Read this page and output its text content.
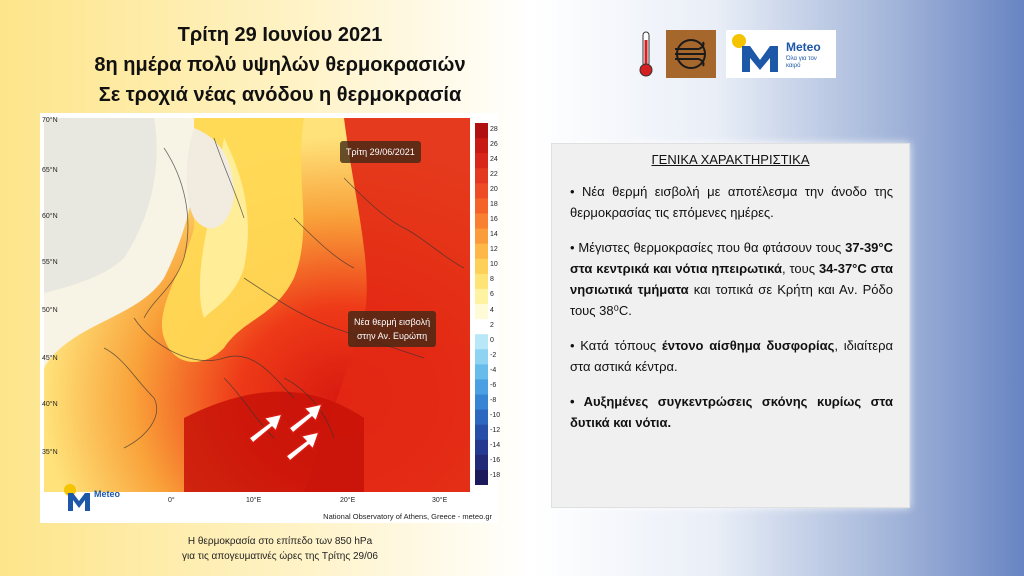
Τρίτη 29 Ιουνίου 2021

8η ημέρα πολύ υψηλών θερμοκρασιών

Σε τροχιά νέας ανόδου η θερμοκρασία

Meteo
Όλα για τον καιρό
Τρίτη 29/06/2021
Νέα θερμή εισβολή
στην Αν. Ευρώπη
70°N
65°N
60°N
55°N
50°N
45°N
40°N
35°N
0°	10°E	20°E	30°E
Meteo
National Observatory of Athens, Greece - meteo.gr
28
26
24
22
20
18
16
14
12
10
8
6
4
2
0
-2
-4
-6
-8
-10
-12
-14
-16
-18
Η θερμοκρασία στο επίπεδο των 850 hPa
για τις απογευματινές ώρες της Τρίτης 29/06
ΓΕΝΙΚΑ ΧΑΡΑΚΤΗΡΙΣΤΙΚΑ
• Νέα θερμή εισβολή με αποτέλεσμα την άνοδο της θερμοκρασίας τις επόμενες ημέρες.
• Μέγιστες θερμοκρασίες που θα φτάσουν τους 37-39°C στα κεντρικά και νότια ηπειρωτικά, τους 34-37°C στα νησιωτικά τμήματα και τοπικά σε Κρήτη και Αν. Ρόδο τους 38⁰C.
• Κατά τόπους έντονο αίσθημα δυσφορίας, ιδιαίτερα στα αστικά κέντρα.
• Αυξημένες συγκεντρώσεις σκόνης κυρίως στα δυτικά και νότια.
